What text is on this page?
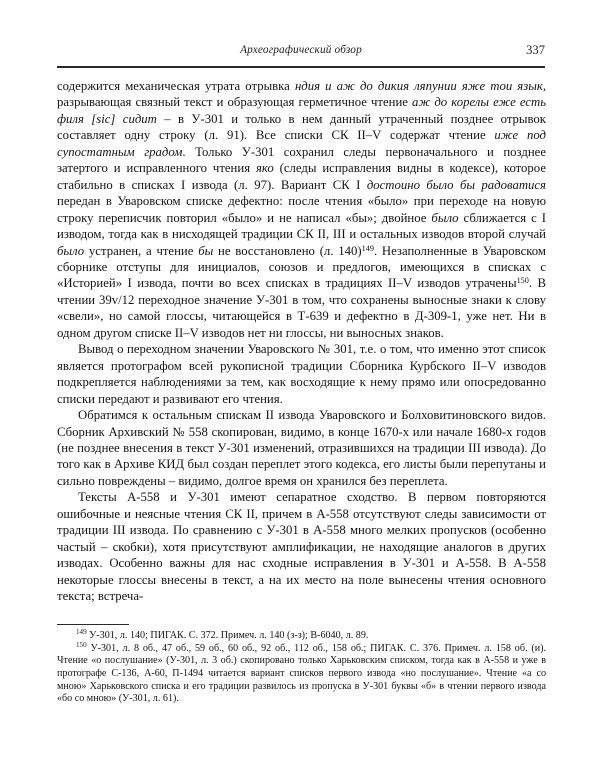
Археографический обзор	337

содержится механическая утрата отрывка ндия и аж до дикия ляпунии яже тои язык, разрывающая связный текст и образующая герметичное чтение аж до корелы еже есть филя [sic] сидит – в У-301 и только в нем данный утраченный позднее отрывок составляет одну строку (л. 91). Все списки СК II–V содержат чтение иже под супостатным градом. Только У-301 сохранил следы первоначального и позднее затертого и исправленного чтения яко (следы исправления видны в кодексе), которое стабильно в списках I извода (л. 97). Вариант СК I достоино было бы радоватися передан в Уваровском списке дефектно: после чтения «было» при переходе на новую строку переписчик повторил «было» и не написал «бы»; двойное было сближается с I изводом, тогда как в нисходящей традиции СК II, III и остальных изводов второй случай было устранен, а чтение бы не восстановлено (л. 140)$^{149}$. Незаполненные в Уваровском сборнике отступы для инициалов, союзов и предлогов, имеющихся в списках с «Историей» I извода, почти во всех списках в традициях II–V изводов утрачены$^{150}$. В чтении 39v/12 переходное значение У-301 в том, что сохранены выносные знаки к слову «свели», но самой глоссы, читающейся в Т-639 и дефектно в Д-309-1, уже нет. Ни в одном другом списке II–V изводов нет ни глоссы, ни выносных знаков.

Вывод о переходном значении Уваровского № 301, т.е. о том, что именно этот список является протографом всей рукописной традиции Сборника Курбского II–V изводов подкрепляется наблюдениями за тем, как восходящие к нему прямо или опосредованно списки передают и развивают его чтения.

Обратимся к остальным спискам II извода Уваровского и Болховитиновского видов. Сборник Архивский № 558 скопирован, видимо, в конце 1670-х или начале 1680-х годов (не позднее внесения в текст У-301 изменений, отразившихся на традиции III извода). До того как в Архиве КИД был создан переплет этого кодекса, его листы были перепутаны и сильно повреждены – видимо, долгое время он хранился без переплета.

Тексты А-558 и У-301 имеют сепаратное сходство. В первом повторяются ошибочные и неясные чтения СК II, причем в А-558 отсутствуют следы зависимости от традиции III извода. По сравнению с У-301 в А-558 много мелких пропусков (особенно частый – скобки), хотя присутствуют амплификации, не находящие аналогов в других изводах. Особенно важны для нас сходные исправления в У-301 и А-558. В А-558 некоторые глоссы внесены в текст, а на их место на поле вынесены чтения основного текста; встреча-

$^{149}$ У-301, л. 140; ПИГАК. С. 372. Примеч. л. 140 (з-з); В-6040, л. 89.

$^{150}$ У-301, л. 8 об., 47 об., 59 об., 60 об., 92 об., 112 об., 158 об.; ПИГАК. С. 376. Примеч. л. 158 об. (и). Чтение «о послушание» (У-301, л. 3 об.) скопировано только Харьковским списком, тогда как в А-558 и уже в протографе С-136, А-60, П-1494 читается вариант списков первого извода «но послушание». Чтение «а со мною» Харьковского списка и его традиции развилось из пропуска в У-301 буквы «б» в чтении первого извода «бо со мною» (У-301, л. 61).
